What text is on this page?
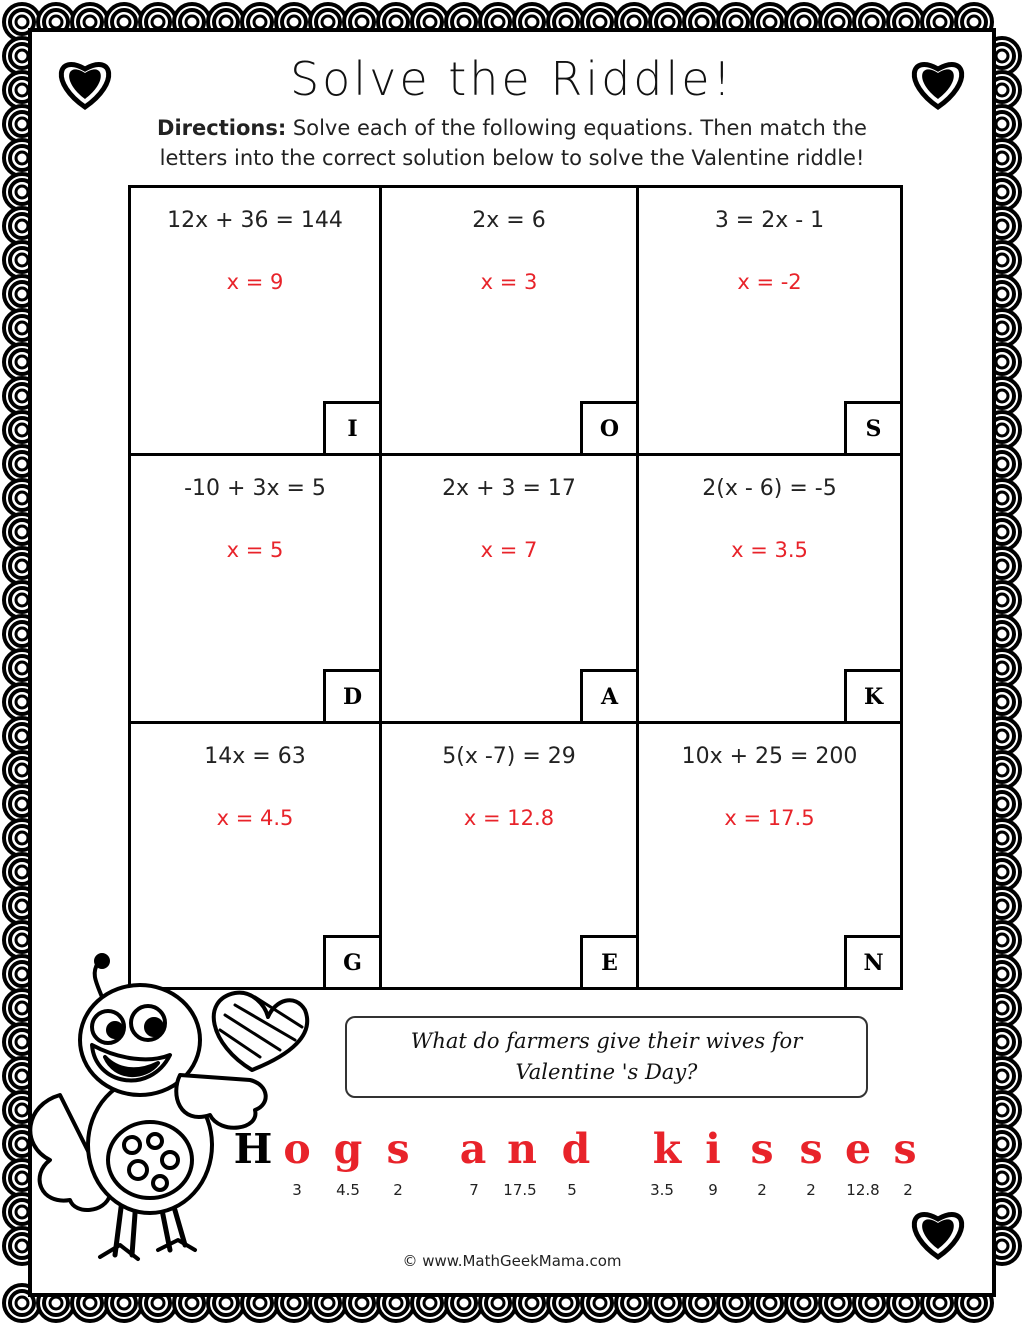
Solve the Riddle!
Directions: Solve each of the following equations. Then match the
letters into the correct solution below to solve the Valentine riddle!
12x + 36 = 144
x = 9
I
2x = 6
x = 3
O
3 = 2x - 1
x = -2
S
-10 + 3x = 5
x = 5
D
2x + 3 = 17
x = 7
A
2(x - 6) = -5
x = 3.5
K
14x = 63
x = 4.5
G
5(x -7) = 29
x = 12.8
E
10x + 25 = 200
x = 17.5
N
What do farmers give their wives for
Valentine 's Day?
H o g s a n d k i s s e s
3	4.5	2	7	17.5	5	3.5	9	2	2	12.8	2
© www.MathGeekMama.com
